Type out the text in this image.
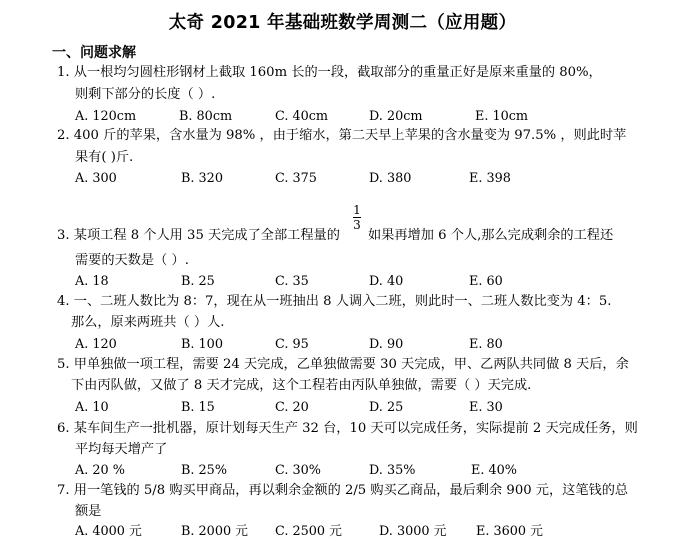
太奇 2021 年基础班数学周测二（应用题）
一、问题求解
1. 从一根均匀圆柱形钢材上截取 160m 长的一段，截取部分的重量正好是原来重量的 80%，
则剩下部分的长度（ ）.
A. 120cm	B. 80cm	C. 40cm	D. 20cm	E. 10cm
2. 400 斤的苹果，含水量为 98% ，由于缩水，第二天早上苹果的含水量变为 97.5% ，则此时苹
果有( )斤.
A. 300	B. 320	C. 375	D. 380	E. 398
1
3
3. 某项工程 8 个人用 35 天完成了全部工程量的 如果再增加 6 个人,那么完成剩余的工程还
需要的天数是（ ）.
A. 18	B. 25	C. 35	D. 40	E. 60
4. 一、二班人数比为 8：7，现在从一班抽出 8 人调入二班，则此时一、二班人数比变为 4：5.
那么，原来两班共（ ）人.
A. 120	B. 100	C. 95	D. 90	E. 80
5. 甲单独做一项工程，需要 24 天完成，乙单独做需要 30 天完成，甲、乙两队共同做 8 天后，余
下由丙队做，又做了 8 天才完成，这个工程若由丙队单独做，需要（ ）天完成.
A. 10	B. 15	C. 20	D. 25	E. 30
6. 某车间生产一批机器，原计划每天生产 32 台，10 天可以完成任务，实际提前 2 天完成任务，则
平均每天增产了
A. 20 %	B. 25%	C. 30%	D. 35%	E. 40%
7. 用一笔钱的 5/8 购买甲商品，再以剩余金额的 2/5 购买乙商品，最后剩余 900 元，这笔钱的总
额是
A. 4000 元	B. 2000 元 C. 2500 元	D. 3000 元 E. 3600 元
